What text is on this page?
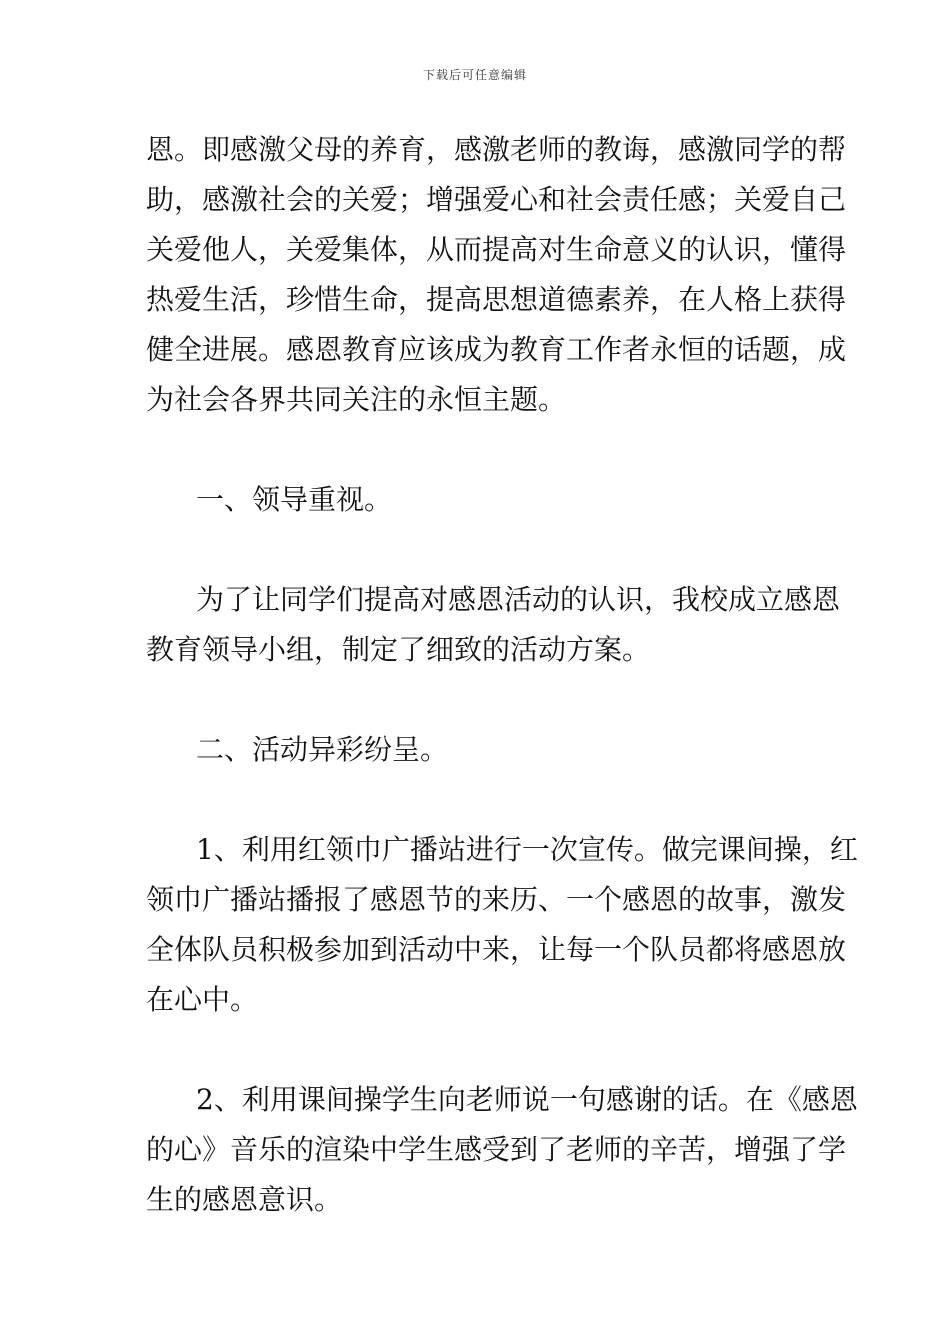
下载后可任意编辑
恩。即感激父母的养育，感激老师的教诲，感激同学的帮
助，感激社会的关爱；增强爱心和社会责任感；关爱自己
关爱他人，关爱集体，从而提高对生命意义的认识，懂得
热爱生活，珍惜生命，提高思想道德素养，在人格上获得
健全进展。感恩教育应该成为教育工作者永恒的话题，成
为社会各界共同关注的永恒主题。
一、领导重视。
为了让同学们提高对感恩活动的认识，我校成立感恩
教育领导小组，制定了细致的活动方案。
二、活动异彩纷呈。
1、利用红领巾广播站进行一次宣传。做完课间操，红
领巾广播站播报了感恩节的来历、一个感恩的故事，激发
全体队员积极参加到活动中来，让每一个队员都将感恩放
在心中。
2、利用课间操学生向老师说一句感谢的话。在《感恩
的心》音乐的渲染中学生感受到了老师的辛苦，增强了学
生的感恩意识。
